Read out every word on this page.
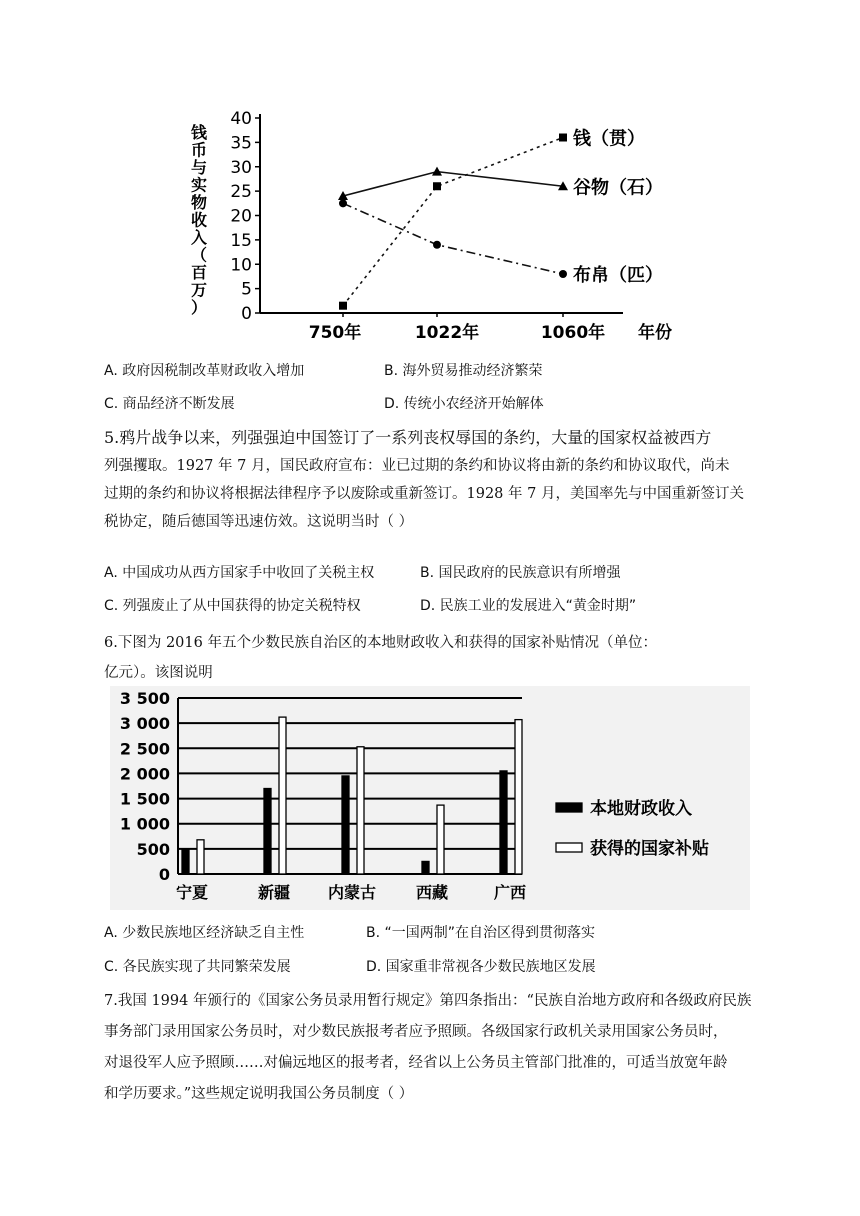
钱
币
与
实
物
收
入
（
百
万
） 0
5
10
15
20
25
30
35
40
750年	1022年	1060年 年份
钱（贯）
谷物（石）
布帛（匹）
A. 政府因税制改革财政收入增加	B. 海外贸易推动经济繁荣
C. 商品经济不断发展	D. 传统小农经济开始解体

5.鸦片战争以来，列强强迫中国签订了一系列丧权辱国的条约，大量的国家权益被西方

列强攫取。1927 年 7 月，国民政府宣布：业已过期的条约和协议将由新的条约和协议取代，尚未

过期的条约和协议将根据法律程序予以废除或重新签订。1928 年 7 月，美国率先与中国重新签订关

税协定，随后德国等迅速仿效。这说明当时（ ）

A. 中国成功从西方国家手中收回了关税主权	B. 国民政府的民族意识有所增强
C. 列强废止了从中国获得的协定关税特权	D. 民族工业的发展进入“黄金时期”

6.下图为 2016 年五个少数民族自治区的本地财政收入和获得的国家补贴情况（单位：

亿元）。该图说明

0
500
1 000
1 500
2 000
2 500
3 000
3 500
宁夏	新疆 内蒙古 西藏	广西
本地财政收入
获得的国家补贴
A. 少数民族地区经济缺乏自主性	B. “一国两制”在自治区得到贯彻落实
C. 各民族实现了共同繁荣发展	D. 国家重非常视各少数民族地区发展

7.我国 1994 年颁行的《国家公务员录用暂行规定》第四条指出：“民族自治地方政府和各级政府民族

事务部门录用国家公务员时，对少数民族报考者应予照顾。各级国家行政机关录用国家公务员时，

对退役军人应予照顾……对偏远地区的报考者，经省以上公务员主管部门批准的，可适当放宽年龄

和学历要求。”这些规定说明我国公务员制度（ ）
